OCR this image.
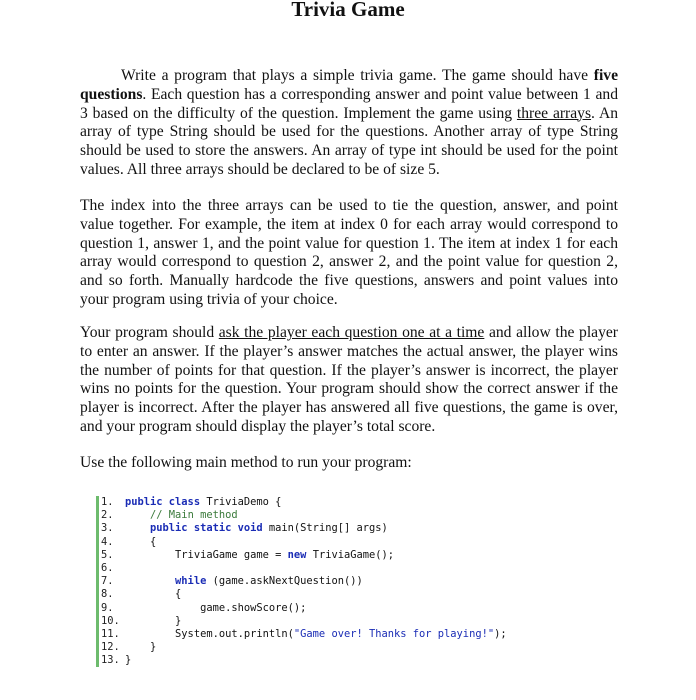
Trivia Game

Write a program that plays a simple trivia game. The game should have five questions. Each question has a corresponding answer and point value between 1 and 3 based on the difficulty of the question. Implement the game using three arrays. An array of type String should be used for the questions. Another array of type String should be used to store the answers. An array of type int should be used for the point values. All three arrays should be declared to be of size 5.

The index into the three arrays can be used to tie the question, answer, and point value together. For example, the item at index 0 for each array would correspond to question 1, answer 1, and the point value for question 1. The item at index 1 for each array would correspond to question 2, answer 2, and the point value for question 2, and so forth. Manually hardcode the five questions, answers and point values into your program using trivia of your choice.

Your program should ask the player each question one at a time and allow the player to enter an answer. If the player’s answer matches the actual answer, the player wins the number of points for that question. If the player’s answer is incorrect, the player wins no points for the question. Your program should show the correct answer if the player is incorrect. After the player has answered all five questions, the game is over, and your program should display the player’s total score.

Use the following main method to run your program:

1. public class TriviaDemo {
2.	// Main method
3.	public static void main(String[] args)
4.	{
5.	TriviaGame game = new TriviaGame();
6.
7.	while (game.askNextQuestion())
8.	{
9.	game.showScore();
10.	}
11.	System.out.println("Game over! Thanks for playing!");
12.	}
13. }
